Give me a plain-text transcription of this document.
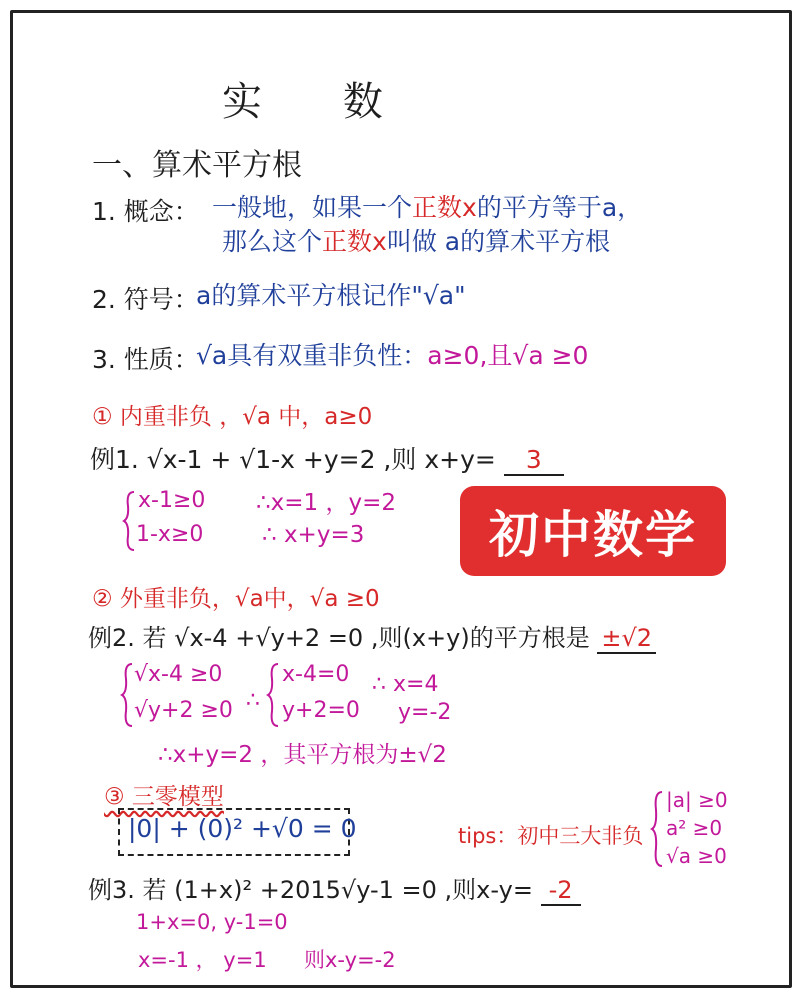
实    数
一、算术平方根
1. 概念： 一般地，如果一个正数x的平方等于a，
那么这个正数x叫做 a的算术平方根
2. 符号：
a的算术平方根记作"√a"
3. 性质：
√a具有双重非负性：a≥0,且√a ≥0
① 内重非负 ，√a 中，a≥0
例1. √x-1 + √1-x +y=2 ,则 x+y= 3
x-1≥0
1-x≥0
∴x=1 ，y=2
∴ x+y=3	初中数学
② 外重非负，√a中，√a ≥0
例2. 若 √x-4 +√y+2 =0 ,则(x+y)的平方根是 ±√2
√x-4 ≥0
√y+2 ≥0 ∴
x-4=0
y+2=0
∴ x=4
y=-2
∴x+y=2 ，其平方根为±√2
③ 三零模型
|0| + (0)² +√0 = 0	tips：初中三大非负
|a| ≥0
a² ≥0
√a ≥0
例3. 若 (1+x)² +2015√y-1 =0 ,则x-y= -2
1+x=0, y-1=0
x=-1 ， y=1 则x-y=-2
